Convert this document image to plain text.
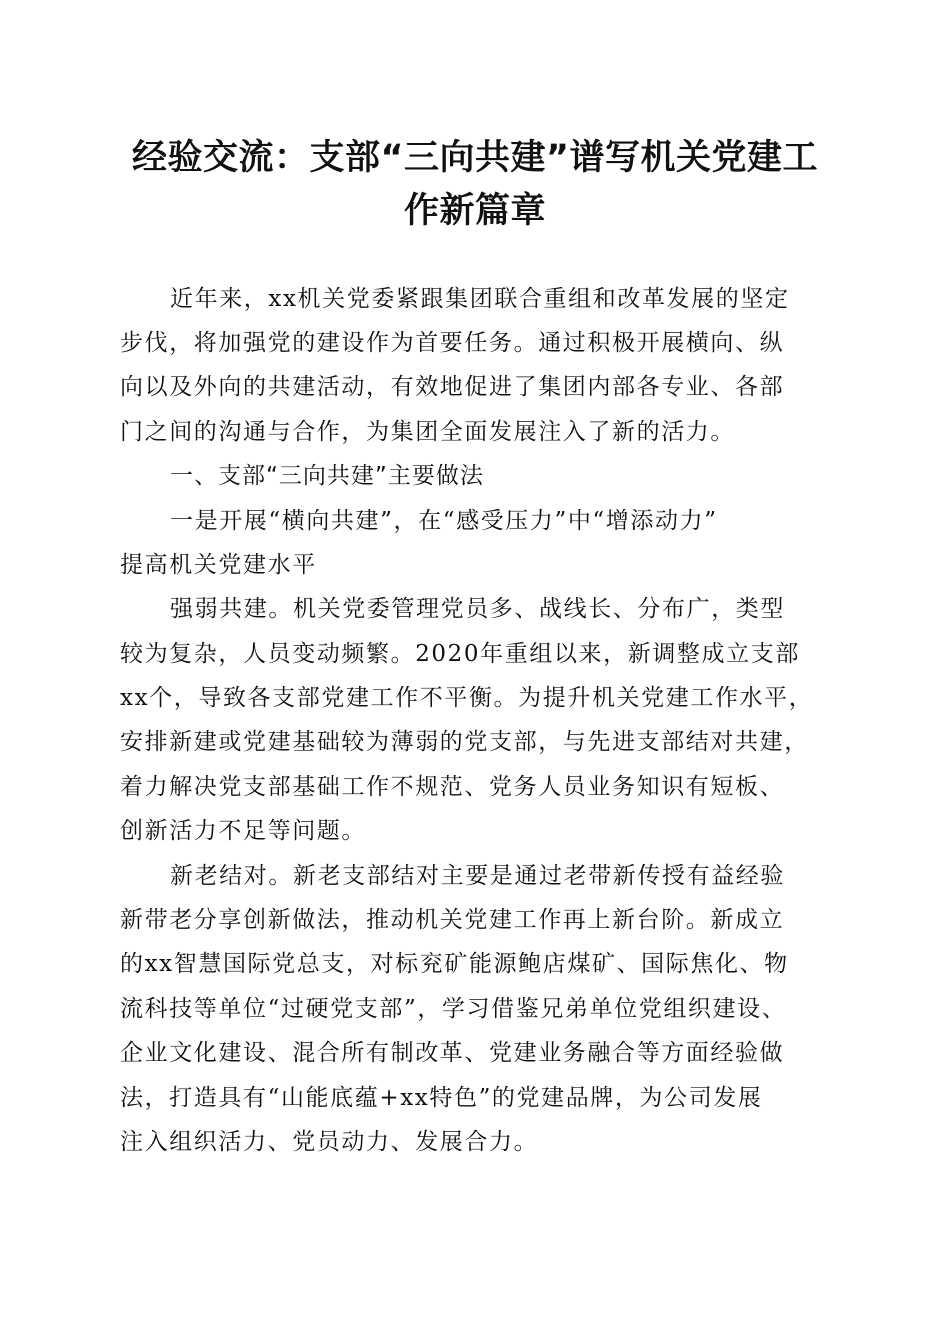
经验交流：支部“三向共建”谱写机关党建工
作新篇章
近年来，xx机关党委紧跟集团联合重组和改革发展的坚定
步伐，将加强党的建设作为首要任务。通过积极开展横向、纵
向以及外向的共建活动，有效地促进了集团内部各专业、各部
门之间的沟通与合作，为集团全面发展注入了新的活力。
一、支部“三向共建”主要做法
一是开展“横向共建”，在“感受压力”中“增添动力”
提高机关党建水平
强弱共建。机关党委管理党员多、战线长、分布广，类型
较为复杂，人员变动频繁。2020年重组以来，新调整成立支部
xx个，导致各支部党建工作不平衡。为提升机关党建工作水平，
安排新建或党建基础较为薄弱的党支部，与先进支部结对共建，
着力解决党支部基础工作不规范、党务人员业务知识有短板、
创新活力不足等问题。
新老结对。新老支部结对主要是通过老带新传授有益经验
新带老分享创新做法，推动机关党建工作再上新台阶。新成立
的xx智慧国际党总支，对标兖矿能源鲍店煤矿、国际焦化、物
流科技等单位“过硬党支部”，学习借鉴兄弟单位党组织建设、
企业文化建设、混合所有制改革、党建业务融合等方面经验做
法，打造具有“山能底蕴+xx特色”的党建品牌，为公司发展
注入组织活力、党员动力、发展合力。
